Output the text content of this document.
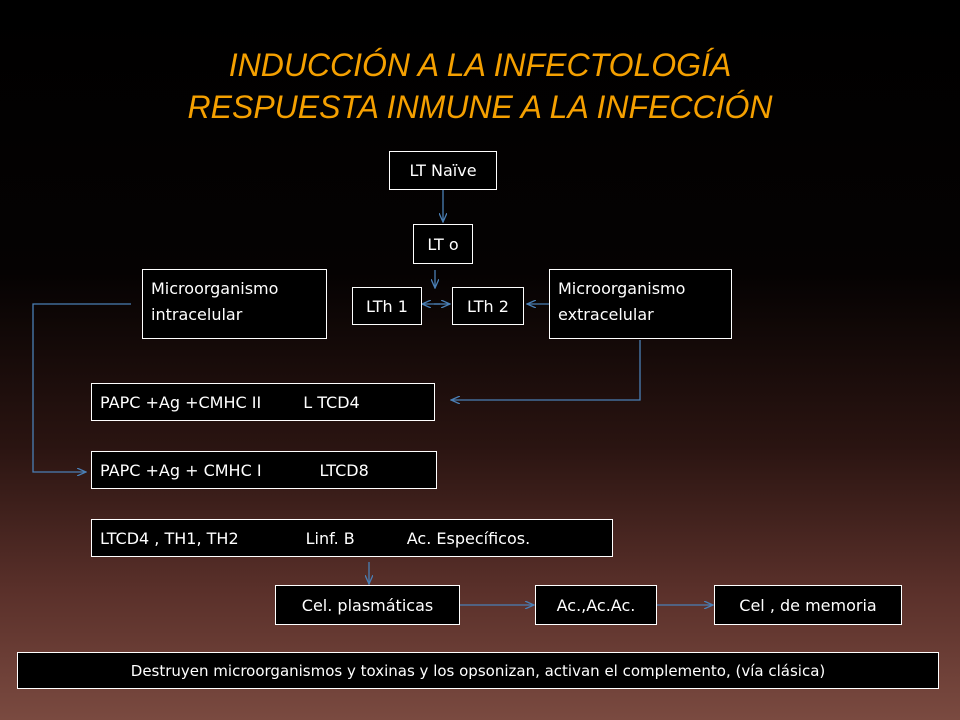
INDUCCIÓN A LA INFECTOLOGÍA
RESPUESTA INMUNE A LA INFECCIÓN
LT Naïve
LT o
Microorganismo
intracelular	LTh 1	LTh 2
Microorganismo
extracelular
PAPC +Ag +CMHC II	L TCD4
PAPC +Ag + CMHC I	LTCD8
LTCD4 , TH1, TH2	Linf. B	Ac. Específicos.
Cel. plasmáticas	Ac.,Ac.Ac.	Cel , de memoria
Destruyen microorganismos y toxinas y los opsonizan, activan el complemento, (vía clásica)
